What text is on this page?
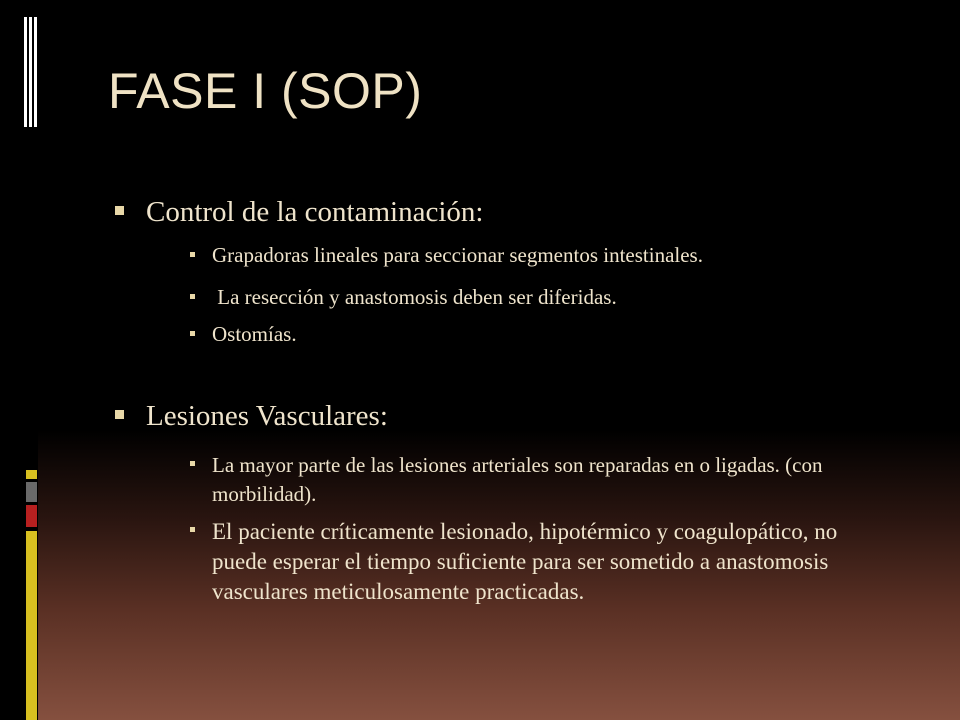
FASE I (SOP)
Control de la contaminación:
Grapadoras lineales para seccionar segmentos intestinales.
La resección y anastomosis deben ser diferidas.
Ostomías.
Lesiones Vasculares:
La mayor parte de las lesiones arteriales son reparadas en o ligadas. (con morbilidad).
El paciente críticamente lesionado, hipotérmico y coagulopático, no puede esperar el tiempo suficiente para ser sometido a anastomosis vasculares meticulosamente practicadas.
